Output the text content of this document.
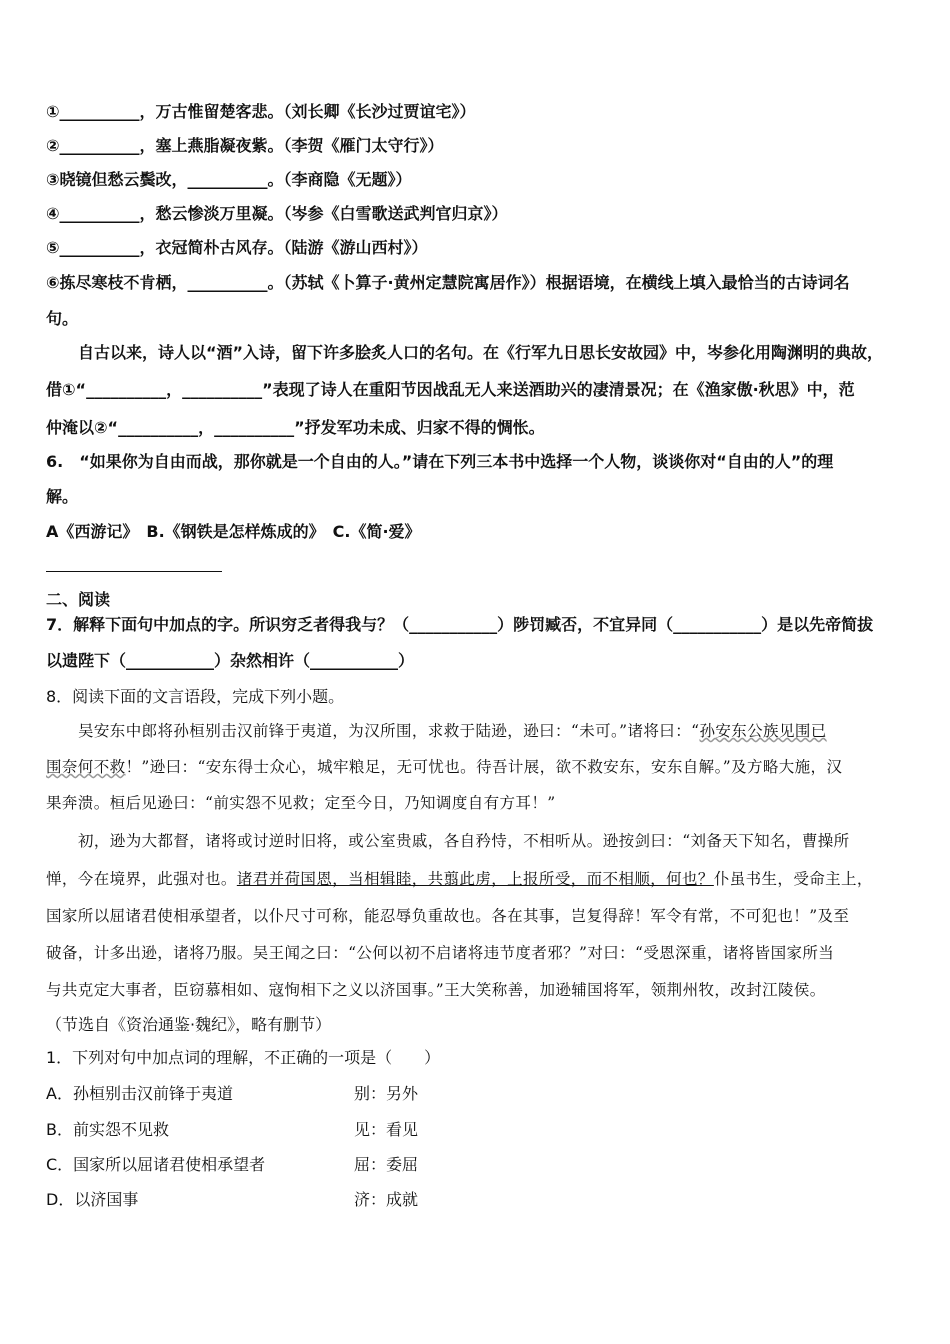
①__________，万古惟留楚客悲。（刘长卿《长沙过贾谊宅》）
②__________，塞上燕脂凝夜紫。（李贺《雁门太守行》）
③晓镜但愁云鬓改，__________。（李商隐《无题》）
④__________，愁云惨淡万里凝。（岑参《白雪歌送武判官归京》）
⑤__________，衣冠简朴古风存。（陆游《游山西村》）
⑥拣尽寒枝不肯栖，__________。（苏轼《卜算子·黄州定慧院寓居作》）根据语境，在横线上填入最恰当的古诗词名
句。
自古以来，诗人以“酒”入诗，留下许多脍炙人口的名句。在《行军九日思长安故园》中，岑参化用陶渊明的典故，
借①“__________，__________”表现了诗人在重阳节因战乱无人来送酒助兴的凄清景况；在《渔家傲·秋思》中，范
仲淹以②“__________，__________”抒发军功未成、归家不得的惆怅。
6.　“如果你为自由而战，那你就是一个自由的人。”请在下列三本书中选择一个人物，谈谈你对“自由的人”的理
解。
A《西游记》　B.《钢铁是怎样炼成的》　C.《简·爱》
二、阅读
7．解释下面句中加点的字。所识穷乏者得我与？（___________）陟罚臧否，不宜异同（___________）是以先帝简拔
以遗陛下（___________）杂然相许（___________）
8．阅读下面的文言语段，完成下列小题。
吴安东中郎将孙桓别击汉前锋于夷道，为汉所围，求救于陆逊，逊曰：“未可。”诸将曰：“孙安东公族见围已
围奈何不救！”逊曰：“安东得士众心，城牢粮足，无可忧也。待吾计展，欲不救安东，安东自解。”及方略大施，汉
果奔溃。桓后见逊曰：“前实怨不见救；定至今日，乃知调度自有方耳！”
初，逊为大都督，诸将或讨逆时旧将，或公室贵戚，各自矜恃，不相听从。逊按剑曰：“刘备天下知名，曹操所
惮，今在境界，此强对也。诸君并荷国恩，当相辑睦，共翦此虏，上报所受，而不相顺，何也？仆虽书生，受命主上，
国家所以屈诸君使相承望者，以仆尺寸可称，能忍辱负重故也。各在其事，岂复得辞！军令有常，不可犯也！”及至
破备，计多出逊，诸将乃服。吴王闻之曰：“公何以初不启诸将违节度者邪？”对曰：“受恩深重，诸将皆国家所当
与共克定大事者，臣窃慕相如、寇恂相下之义以济国事。”王大笑称善，加逊辅国将军，领荆州牧，改封江陵侯。
（节选自《资治通鉴·魏纪》，略有删节）
1．下列对句中加点词的理解，不正确的一项是（　　）
A．孙桓别击汉前锋于夷道	别：另外
B．前实怨不见救	见：看见
C．国家所以屈诸君使相承望者	屈：委屈
D．以济国事	济：成就
